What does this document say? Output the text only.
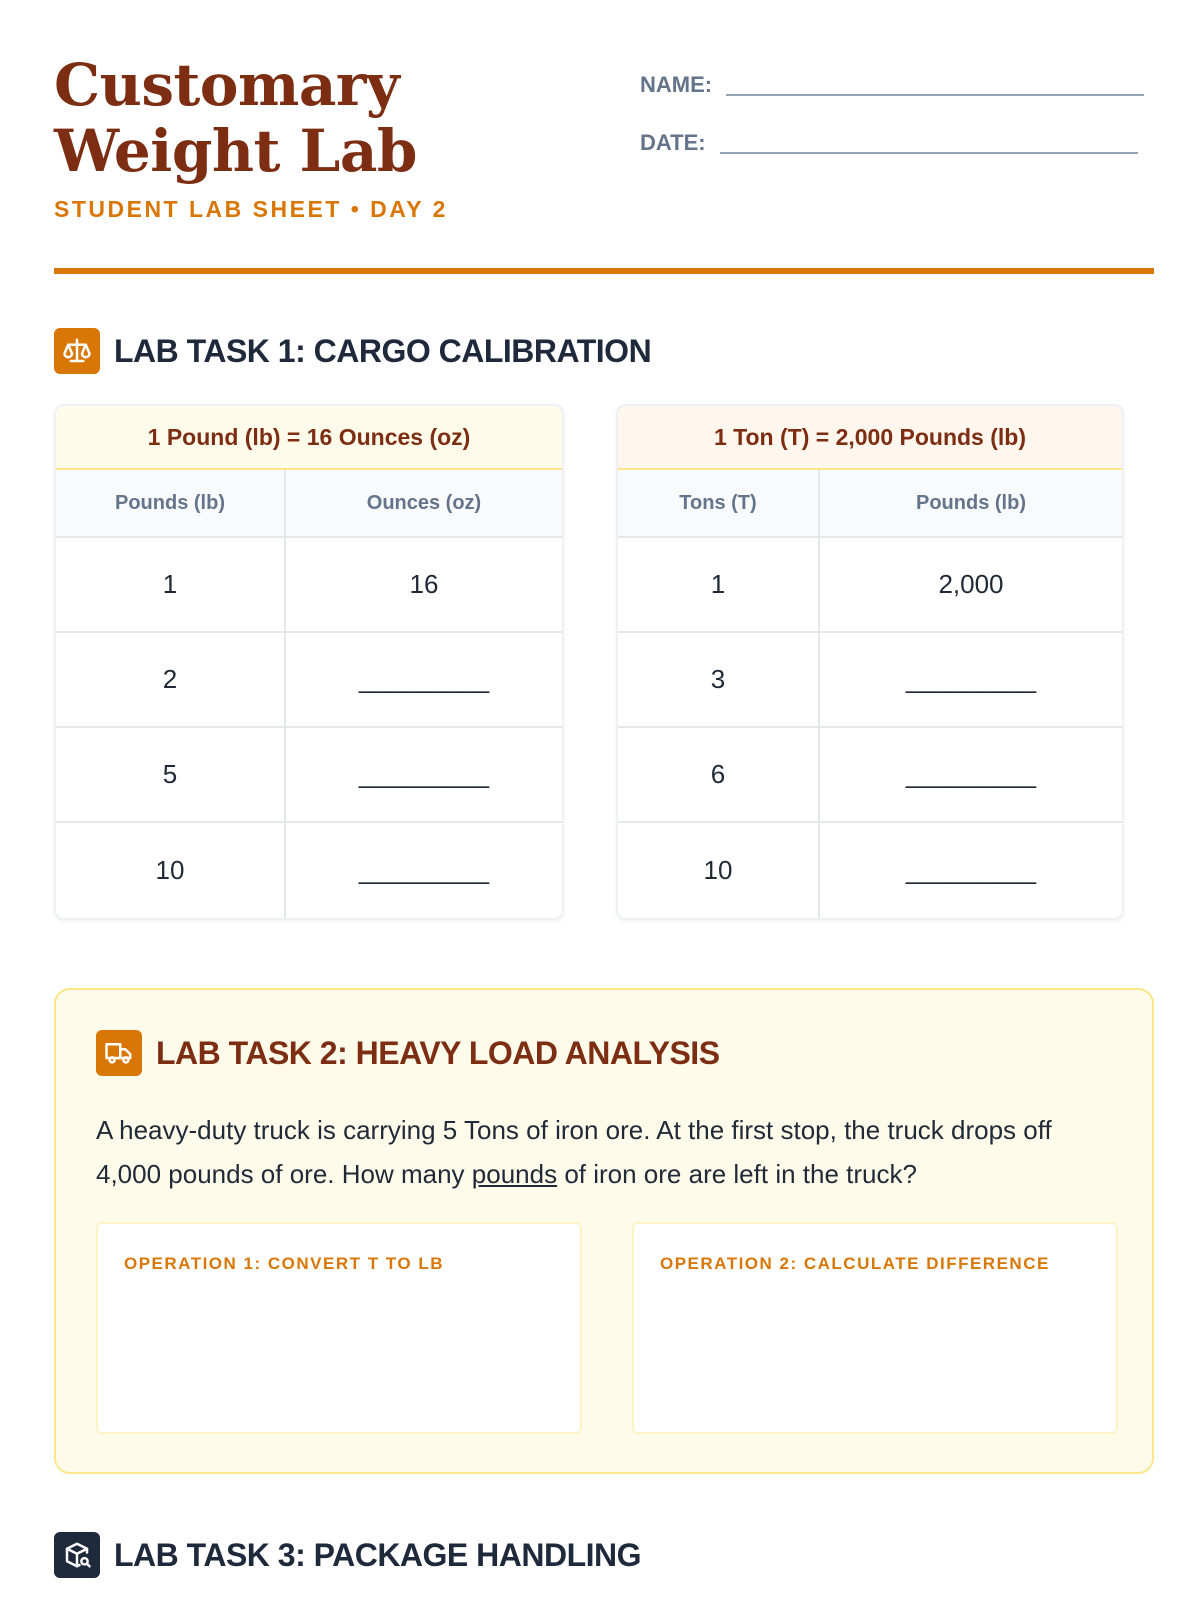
Customary Weight Lab
STUDENT LAB SHEET • DAY 2
NAME:
DATE:
LAB TASK 1: CARGO CALIBRATION
1 Pound (lb) = 16 Ounces (oz)
Pounds (lb)	Ounces (oz)
1	16
2	_________
5	_________
10	_________
1 Ton (T) = 2,000 Pounds (lb)
Tons (T)	Pounds (lb)
1	2,000
3	_________
6	_________
10	_________
LAB TASK 2: HEAVY LOAD ANALYSIS
A heavy-duty truck is carrying 5 Tons of iron ore. At the first stop, the truck drops off 4,000 pounds of ore. How many pounds of iron ore are left in the truck?
OPERATION 1: CONVERT T TO LB	OPERATION 2: CALCULATE DIFFERENCE
LAB TASK 3: PACKAGE HANDLING
